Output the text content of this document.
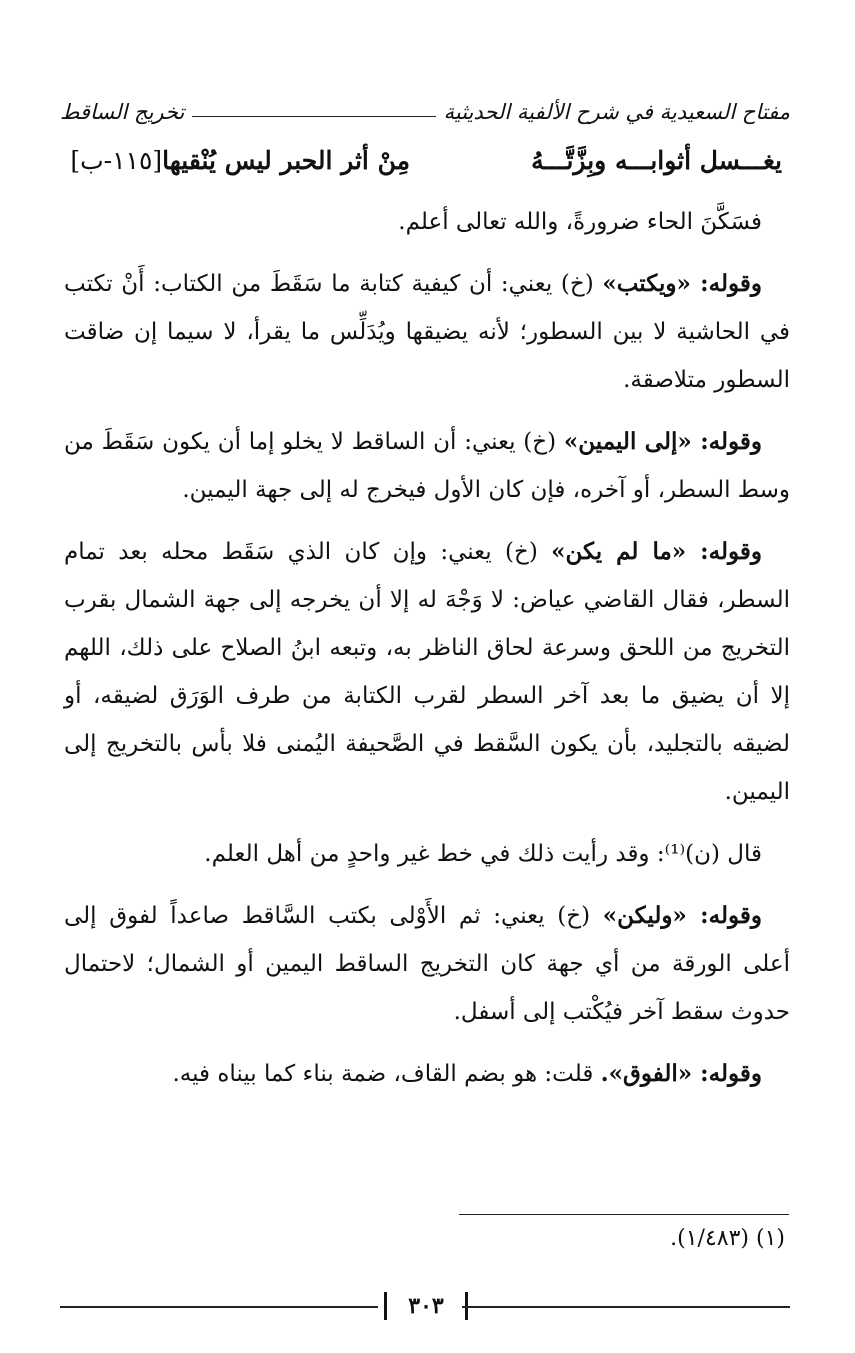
مفتاح السعيدية في شرح الألفية الحديثية
تخريج الساقط
يغـــسل أثوابـــه وبِزَّتَّـــهُ
مِنْ أثر الحبر ليس يُنْقيها[١١٥-ب]

فسَكَّنَ الحاء ضرورةً، والله تعالى أعلم.

وقوله: «ويكتب» (خ) يعني: أن كيفية كتابة ما سَقَطَ من الكتاب: أَنْ تكتب في الحاشية لا بين السطور؛ لأنه يضيقها ويُدَلِّس ما يقرأ، لا سيما إن ضاقت السطور متلاصقة.

وقوله: «إلى اليمين» (خ) يعني: أن الساقط لا يخلو إما أن يكون سَقَطَ من وسط السطر، أو آخره، فإن كان الأول فيخرج له إلى جهة اليمين.

وقوله: «ما لم يكن» (خ) يعني: وإن كان الذي سَقَط محله بعد تمام السطر، فقال القاضي عياض: لا وَجْهَ له إلا أن يخرجه إلى جهة الشمال بقرب التخريج من اللحق وسرعة لحاق الناظر به، وتبعه ابنُ الصلاح على ذلك، اللهم إلا أن يضيق ما بعد آخر السطر لقرب الكتابة من طرف الوَرَق لضيقه، أو لضيقه بالتجليد، بأن يكون السَّقط في الصَّحيفة اليُمنى فلا بأس بالتخريج إلى اليمين.

قال (ن)⁽¹⁾: وقد رأيت ذلك في خط غير واحدٍ من أهل العلم.

وقوله: «وليكن» (خ) يعني: ثم الأَوْلى بكتب السَّاقط صاعداً لفوق إلى أعلى الورقة من أي جهة كان التخريج الساقط اليمين أو الشمال؛ لاحتمال حدوث سقط آخر فيُكْتب إلى أسفل.

وقوله: «الفوق». قلت: هو بضم القاف، ضمة بناء كما بيناه فيه.

(١) (١/٤٨٣).
٣٠٣
